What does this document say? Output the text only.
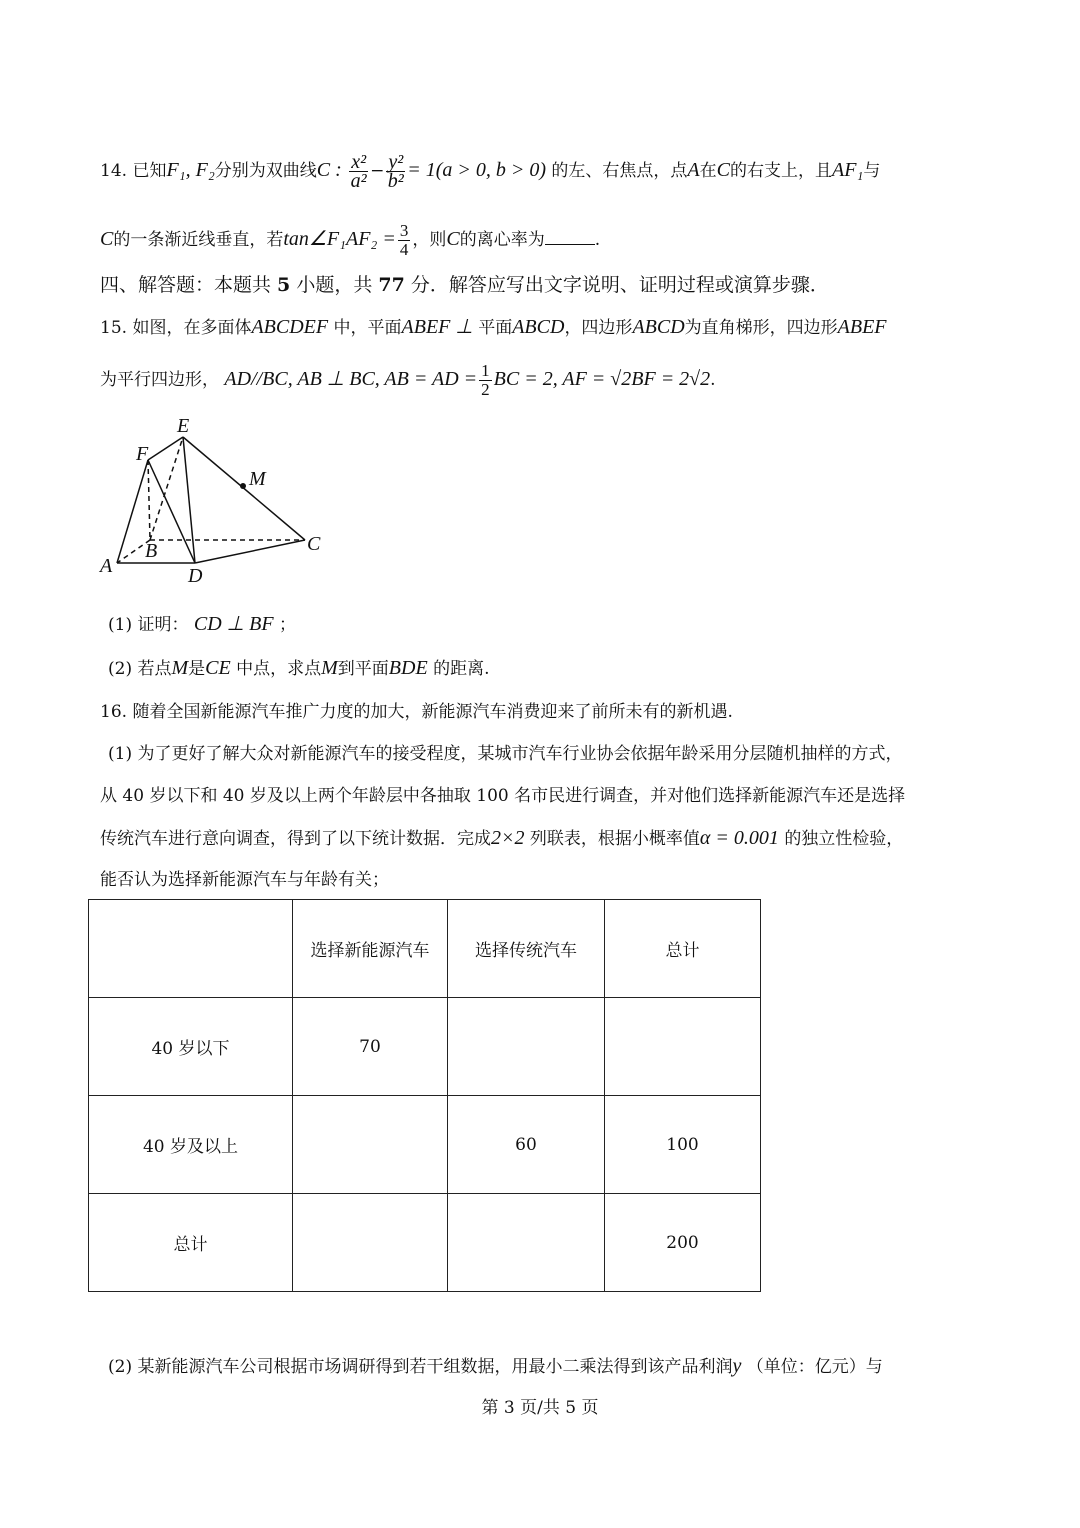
14. 已知F₁, F₂分别为双曲线C : $\frac{\text{x²}}{\text{a²}} - \frac{\text{y²}}{\text{b²}} = 1(a > 0$, b > 0) 的左、右焦点，点A在C的右支上，且AF₁与
C的一条渐近线垂直，若tan∠F₁AF₂ = $\frac{3}{4}$ ，则C的离心率为	.
四、解答题：本题共 5 小题，共 77 分．解答应写出文字说明、证明过程或演算步骤．
15. 如图，在多面体ABCDEF 中，平面ABEF ⊥ 平面ABCD，四边形ABCD为直角梯形，四边形ABEF
为平行四边形， AD//BC, AB ⊥ BC, AB = AD = $\frac{1}{2}$ BC = 2, AF = √2BF = 2√2.
E
F
M
B	C
A	D
(1) 证明： CD ⊥ BF ；
(2) 若点M是CE 中点，求点M到平面BDE 的距离.
16. 随着全国新能源汽车推广力度的加大，新能源汽车消费迎来了前所未有的新机遇.
(1) 为了更好了解大众对新能源汽车的接受程度，某城市汽车行业协会依据年龄采用分层随机抽样的方式，
从 40 岁以下和 40 岁及以上两个年龄层中各抽取 100 名市民进行调查，并对他们选择新能源汽车还是选择
传统汽车进行意向调查，得到了以下统计数据．完成2×2 列联表，根据小概率值α = 0.001 的独立性检验，
能否认为选择新能源汽车与年龄有关；
	选择新能源汽车	选择传统汽车	总计
40 岁以下	70		
40 岁及以上		60	100
总计			200
(2) 某新能源汽车公司根据市场调研得到若干组数据，用最小二乘法得到该产品利润y （单位：亿元）与
第 3 页/共 5 页
